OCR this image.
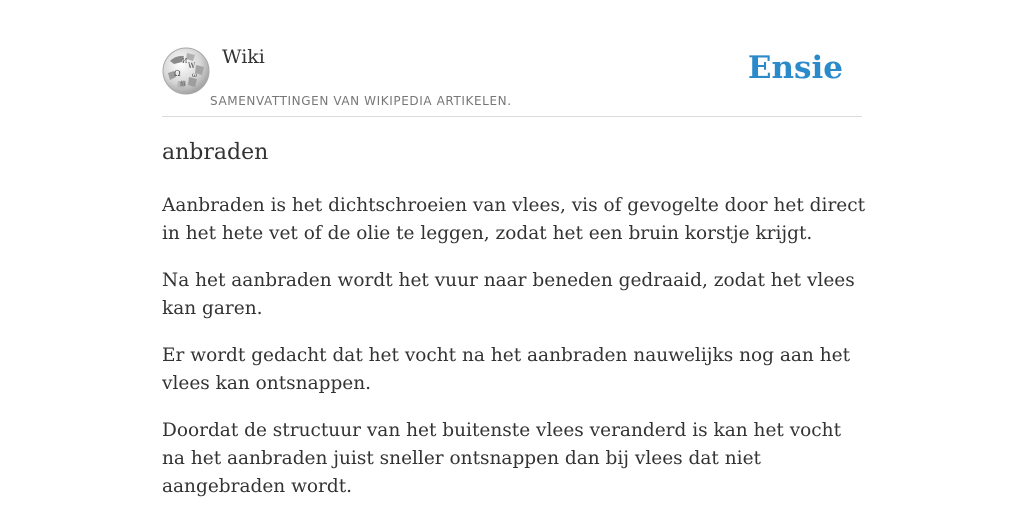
Ω
W
И
ω
維
Wiki
SAMENVATTINGEN VAN WIKIPEDIA ARTIKELEN.
Ensie
anbraden

Aanbraden is het dichtschroeien van vlees, vis of gevogelte door het direct in het hete vet of de olie te leggen, zodat het een bruin korstje krijgt.

Na het aanbraden wordt het vuur naar beneden gedraaid, zodat het vlees kan garen.

Er wordt gedacht dat het vocht na het aanbraden nauwelijks nog aan het vlees kan ontsnappen.

Doordat de structuur van het buitenste vlees veranderd is kan het vocht na het aanbraden juist sneller ontsnappen dan bij vlees dat niet aangebraden wordt.
